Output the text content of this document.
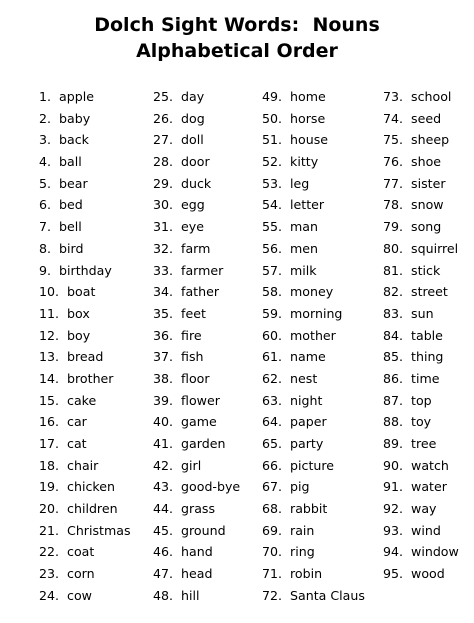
Dolch Sight Words:  Nouns
Alphabetical Order
1.  apple
2.  baby
3.  back
4.  ball
5.  bear
6.  bed
7.  bell
8.  bird
9.  birthday
10.  boat
11.  box
12.  boy
13.  bread
14.  brother
15.  cake
16.  car
17.  cat
18.  chair
19.  chicken
20.  children
21.  Christmas
22.  coat
23.  corn
24.  cow
25.  day
26.  dog
27.  doll
28.  door
29.  duck
30.  egg
31.  eye
32.  farm
33.  farmer
34.  father
35.  feet
36.  fire
37.  fish
38.  floor
39.  flower
40.  game
41.  garden
42.  girl
43.  good-bye
44.  grass
45.  ground
46.  hand
47.  head
48.  hill
49.  home
50.  horse
51.  house
52.  kitty
53.  leg
54.  letter
55.  man
56.  men
57.  milk
58.  money
59.  morning
60.  mother
61.  name
62.  nest
63.  night
64.  paper
65.  party
66.  picture
67.  pig
68.  rabbit
69.  rain
70.  ring
71.  robin
72.  Santa Claus
73.  school
74.  seed
75.  sheep
76.  shoe
77.  sister
78.  snow
79.  song
80.  squirrel
81.  stick
82.  street
83.  sun
84.  table
85.  thing
86.  time
87.  top
88.  toy
89.  tree
90.  watch
91.  water
92.  way
93.  wind
94.  window
95.  wood
